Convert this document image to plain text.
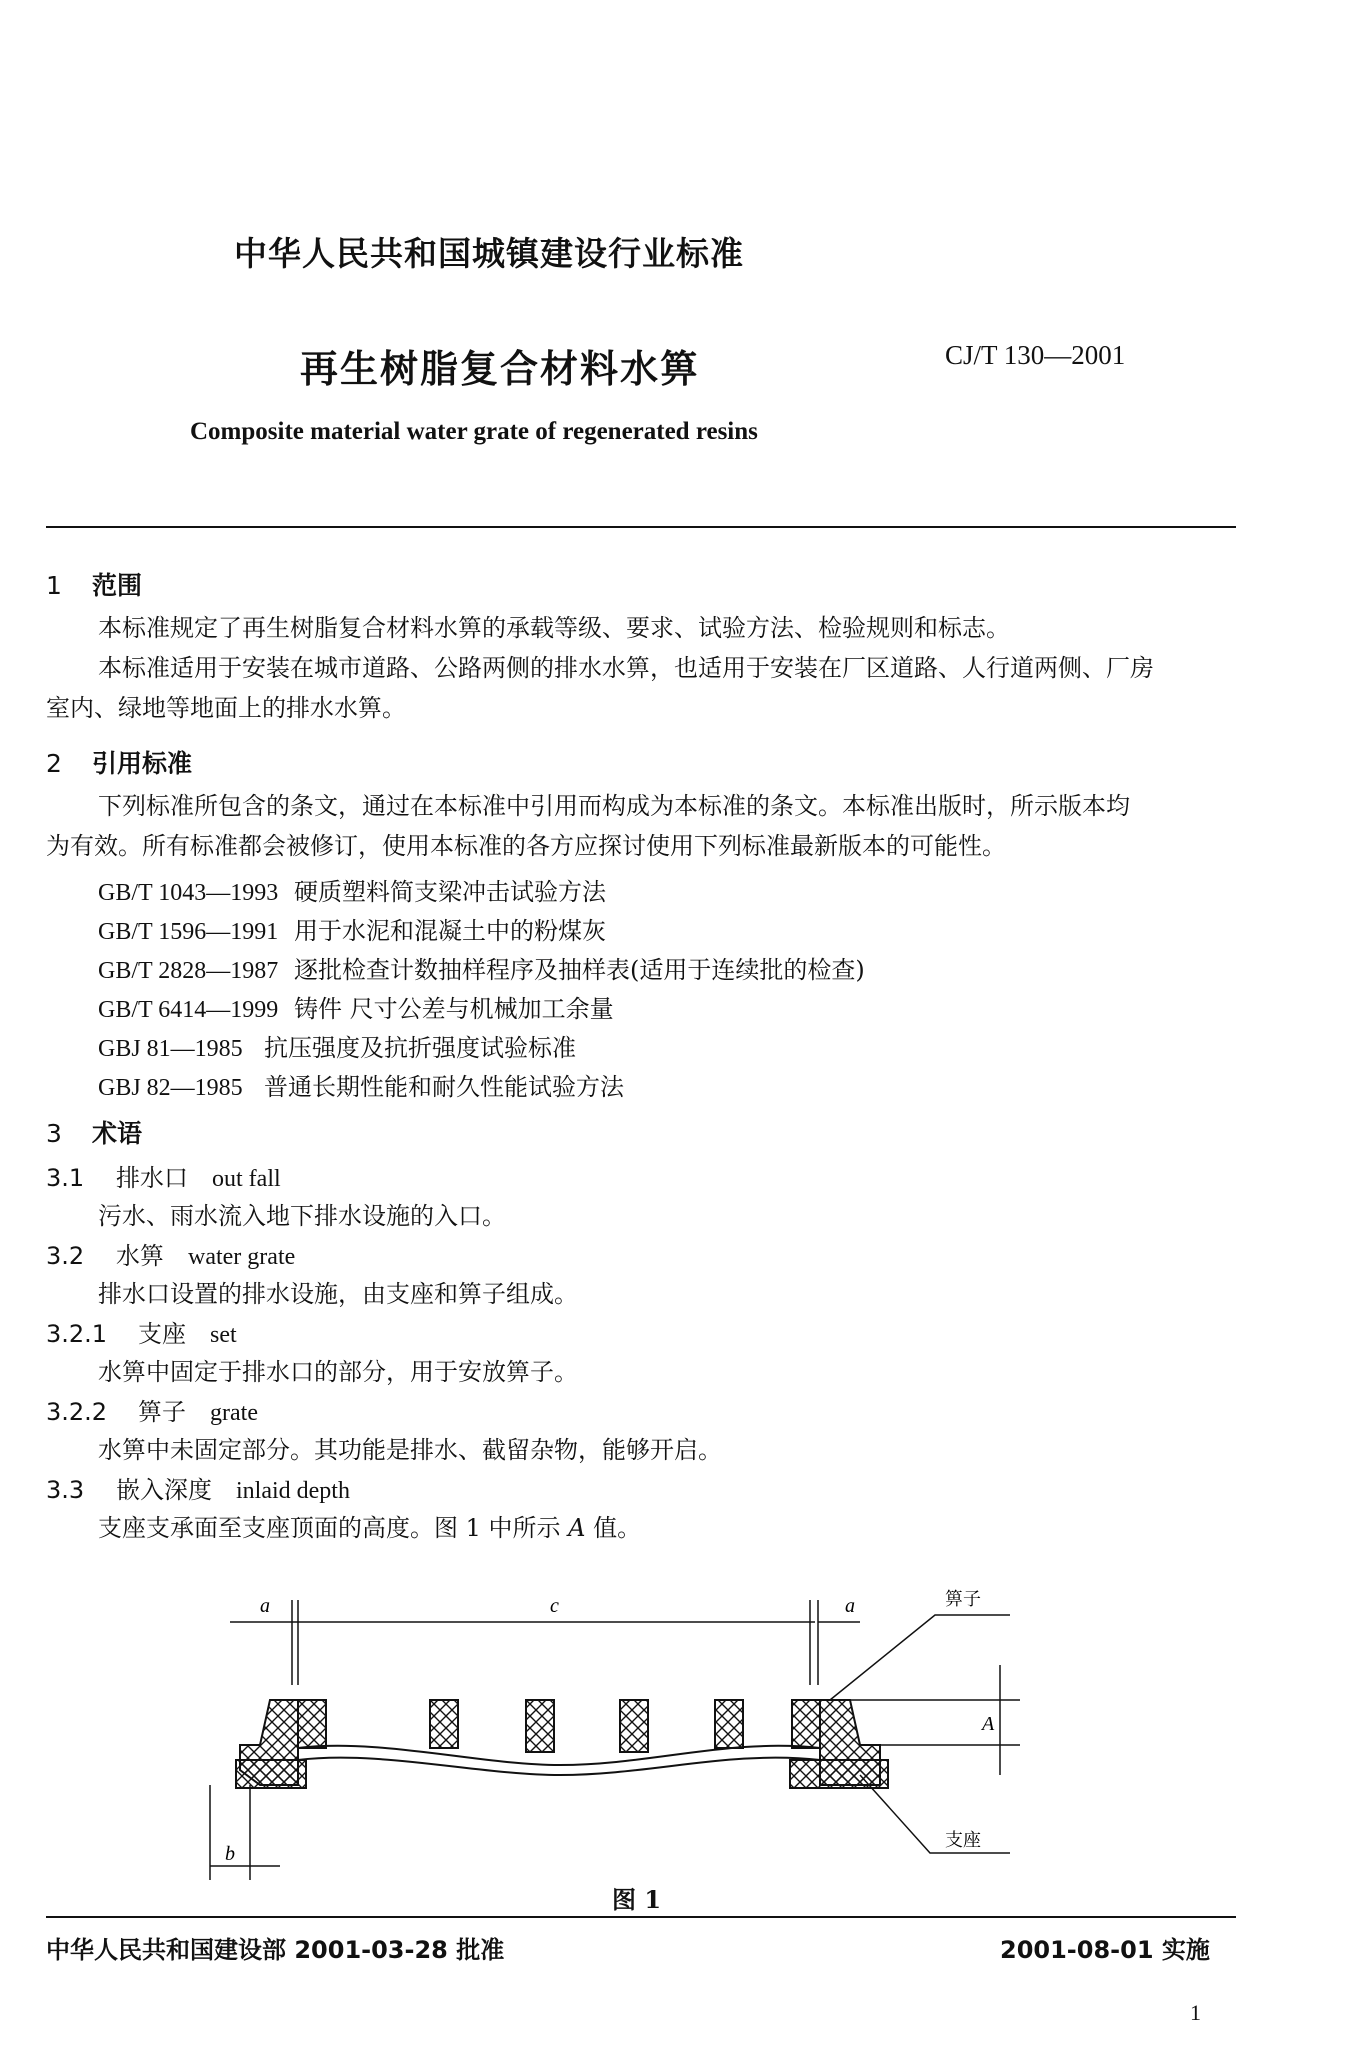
中华人民共和国城镇建设行业标准
再生树脂复合材料水箅	CJ/T 130—2001
Composite material water grate of regenerated resins
1 范围
本标准规定了再生树脂复合材料水箅的承载等级、要求、试验方法、检验规则和标志。
本标准适用于安装在城市道路、公路两侧的排水水箅，也适用于安装在厂区道路、人行道两侧、厂房
室内、绿地等地面上的排水水箅。
2 引用标准
下列标准所包含的条文，通过在本标准中引用而构成为本标准的条文。本标准出版时，所示版本均
为有效。所有标准都会被修订，使用本标准的各方应探讨使用下列标准最新版本的可能性。
GB/T 1043—1993 硬质塑料简支梁冲击试验方法
GB/T 1596—1991 用于水泥和混凝土中的粉煤灰
GB/T 2828—1987 逐批检查计数抽样程序及抽样表(适用于连续批的检查)
GB/T 6414—1999 铸件 尺寸公差与机械加工余量
GBJ 81—1985 抗压强度及抗折强度试验标准
GBJ 82—1985 普通长期性能和耐久性能试验方法
3 术语
3.1 排水口 out fall
污水、雨水流入地下排水设施的入口。
3.2 水箅 water grate
排水口设置的排水设施，由支座和箅子组成。
3.2.1 支座 set
水箅中固定于排水口的部分，用于安放箅子。
3.2.2 箅子 grate
水箅中未固定部分。其功能是排水、截留杂物，能够开启。
3.3 嵌入深度 inlaid depth
支座支承面至支座顶面的高度。图 1 中所示 A 值。
a	c	a
A
箅子
支座
b
图 1
中华人民共和国建设部 2001-03-28 批准	2001-08-01 实施
1
